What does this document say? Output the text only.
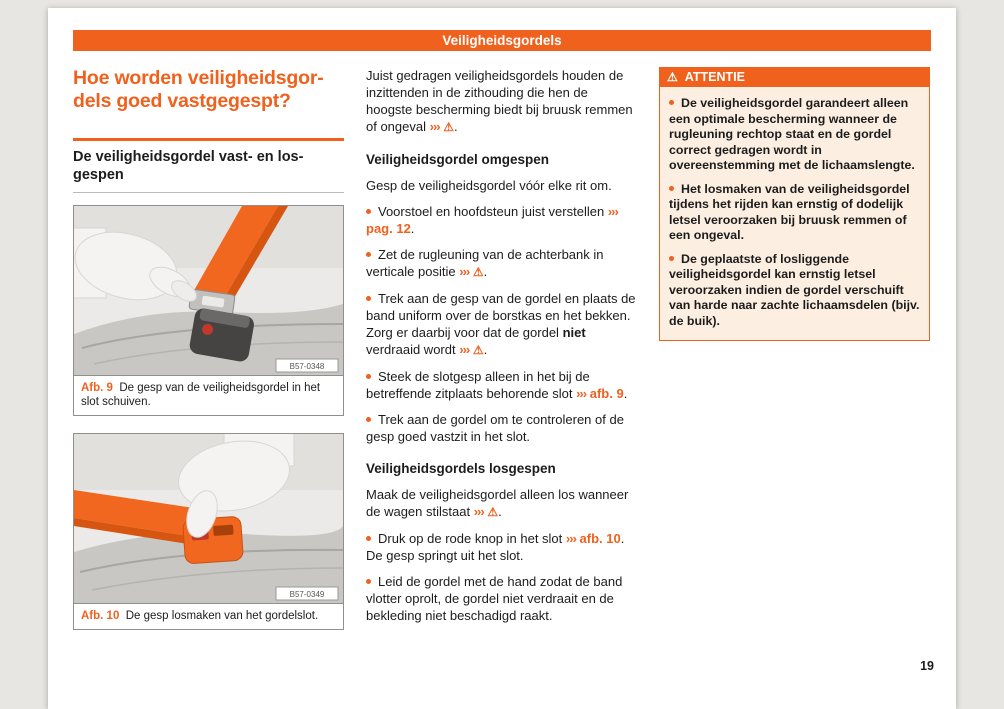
Veiligheidsgordels
Hoe worden veiligheidsgor-
dels goed vastgegespt?
De veiligheidsgordel vast- en los-
gespen
B57-0348
Afb. 9 De gesp van de veiligheidsgordel in het slot schuiven.
B57-0349
Afb. 10 De gesp losmaken van het gordelslot.

Juist gedragen veiligheidsgordels houden de inzittenden in de zithouding die hen de hoogste bescherming biedt bij bruusk remmen of ongeval ››› ⚠.

Veiligheidsgordel omgespen

Gesp de veiligheidsgordel vóór elke rit om.

Voorstoel en hoofdsteun juist verstellen ››› pag. 12.

Zet de rugleuning van de achterbank in verticale positie ››› ⚠.

Trek aan de gesp van de gordel en plaats de band uniform over de borstkas en het bekken. Zorg er daarbij voor dat de gordel niet verdraaid wordt ››› ⚠.

Steek de slotgesp alleen in het bij de betreffende zitplaats behorende slot ››› afb. 9.

Trek aan de gordel om te controleren of de gesp goed vastzit in het slot.

Veiligheidsgordels losgespen

Maak de veiligheidsgordel alleen los wanneer de wagen stilstaat ››› ⚠.

Druk op de rode knop in het slot ››› afb. 10. De gesp springt uit het slot.

Leid de gordel met de hand zodat de band vlotter oprolt, de gordel niet verdraait en de bekleding niet beschadigd raakt.

⚠ ATTENTIE

De veiligheidsgordel garandeert alleen een optimale bescherming wanneer de rugleuning rechtop staat en de gordel correct gedragen wordt in overeenstemming met de lichaamslengte.

Het losmaken van de veiligheidsgordel tijdens het rijden kan ernstig of dodelijk letsel veroorzaken bij bruusk remmen of een ongeval.

De geplaatste of losliggende veiligheidsgordel kan ernstig letsel veroorzaken indien de gordel verschuift van harde naar zachte lichaamsdelen (bijv. de buik).

19
